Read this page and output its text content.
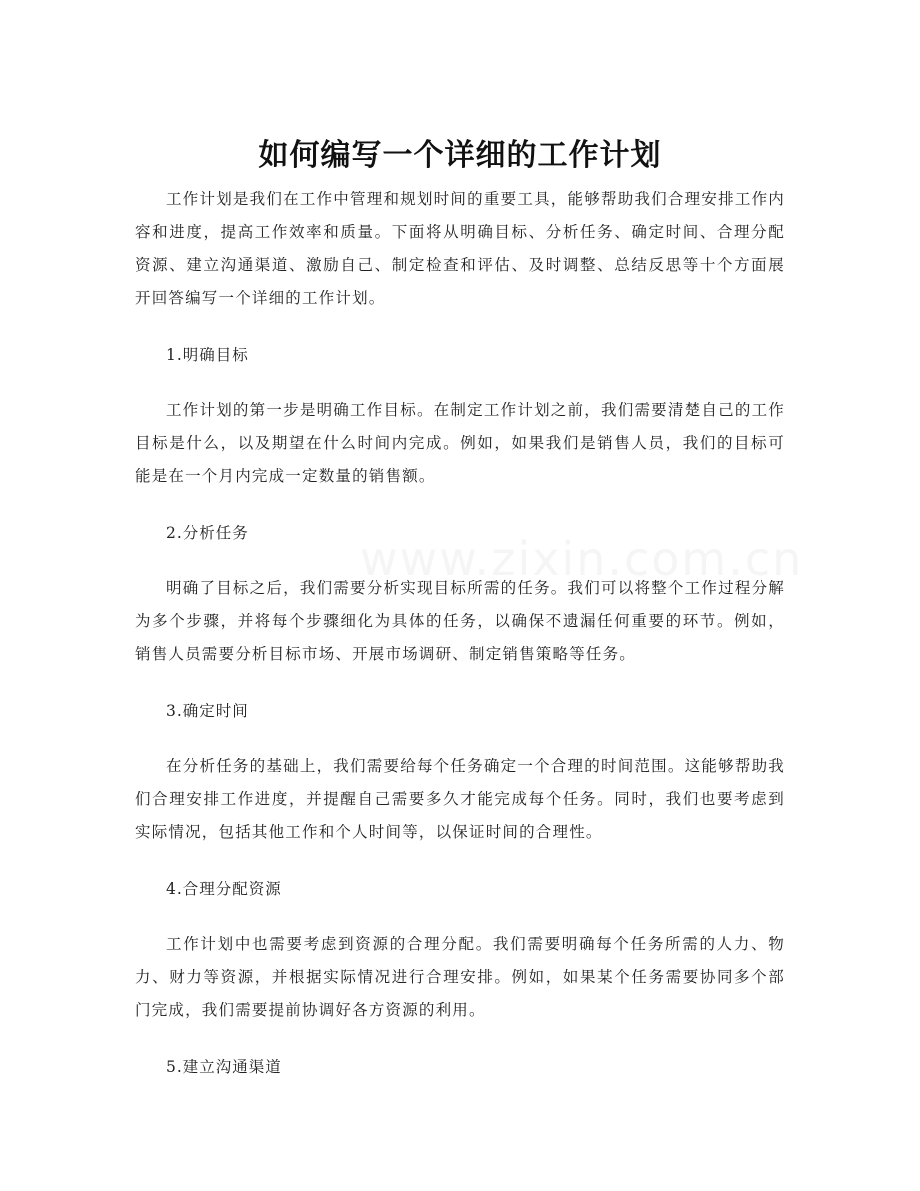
www.zixin.com.cn
如何编写一个详细的工作计划

工作计划是我们在工作中管理和规划时间的重要工具，能够帮助我们合理安排工作内容和进度，提高工作效率和质量。下面将从明确目标、分析任务、确定时间、合理分配资源、建立沟通渠道、激励自己、制定检查和评估、及时调整、总结反思等十个方面展开回答编写一个详细的工作计划。

1.明确目标

工作计划的第一步是明确工作目标。在制定工作计划之前，我们需要清楚自己的工作目标是什么，以及期望在什么时间内完成。例如，如果我们是销售人员，我们的目标可能是在一个月内完成一定数量的销售额。

2.分析任务

明确了目标之后，我们需要分析实现目标所需的任务。我们可以将整个工作过程分解为多个步骤，并将每个步骤细化为具体的任务，以确保不遗漏任何重要的环节。例如，销售人员需要分析目标市场、开展市场调研、制定销售策略等任务。

3.确定时间

在分析任务的基础上，我们需要给每个任务确定一个合理的时间范围。这能够帮助我们合理安排工作进度，并提醒自己需要多久才能完成每个任务。同时，我们也要考虑到实际情况，包括其他工作和个人时间等，以保证时间的合理性。

4.合理分配资源

工作计划中也需要考虑到资源的合理分配。我们需要明确每个任务所需的人力、物力、财力等资源，并根据实际情况进行合理安排。例如，如果某个任务需要协同多个部门完成，我们需要提前协调好各方资源的利用。

5.建立沟通渠道
